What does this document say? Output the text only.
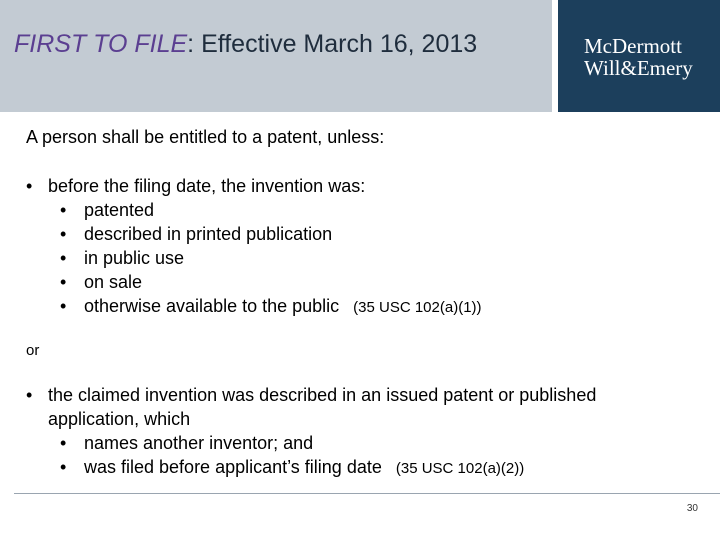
FIRST TO FILE: Effective March 16, 2013	McDermott
Will&Emery
A person shall be entitled to a patent, unless:
• before the filing date, the invention was:
• patented
• described in printed publication
• in public use
• on sale
• otherwise available to the public (35 USC 102(a)(1))
or
• the claimed invention was described in an issued patent or published
application, which
• names another inventor; and
• was filed before applicant’s filing date (35 USC 102(a)(2))
30
